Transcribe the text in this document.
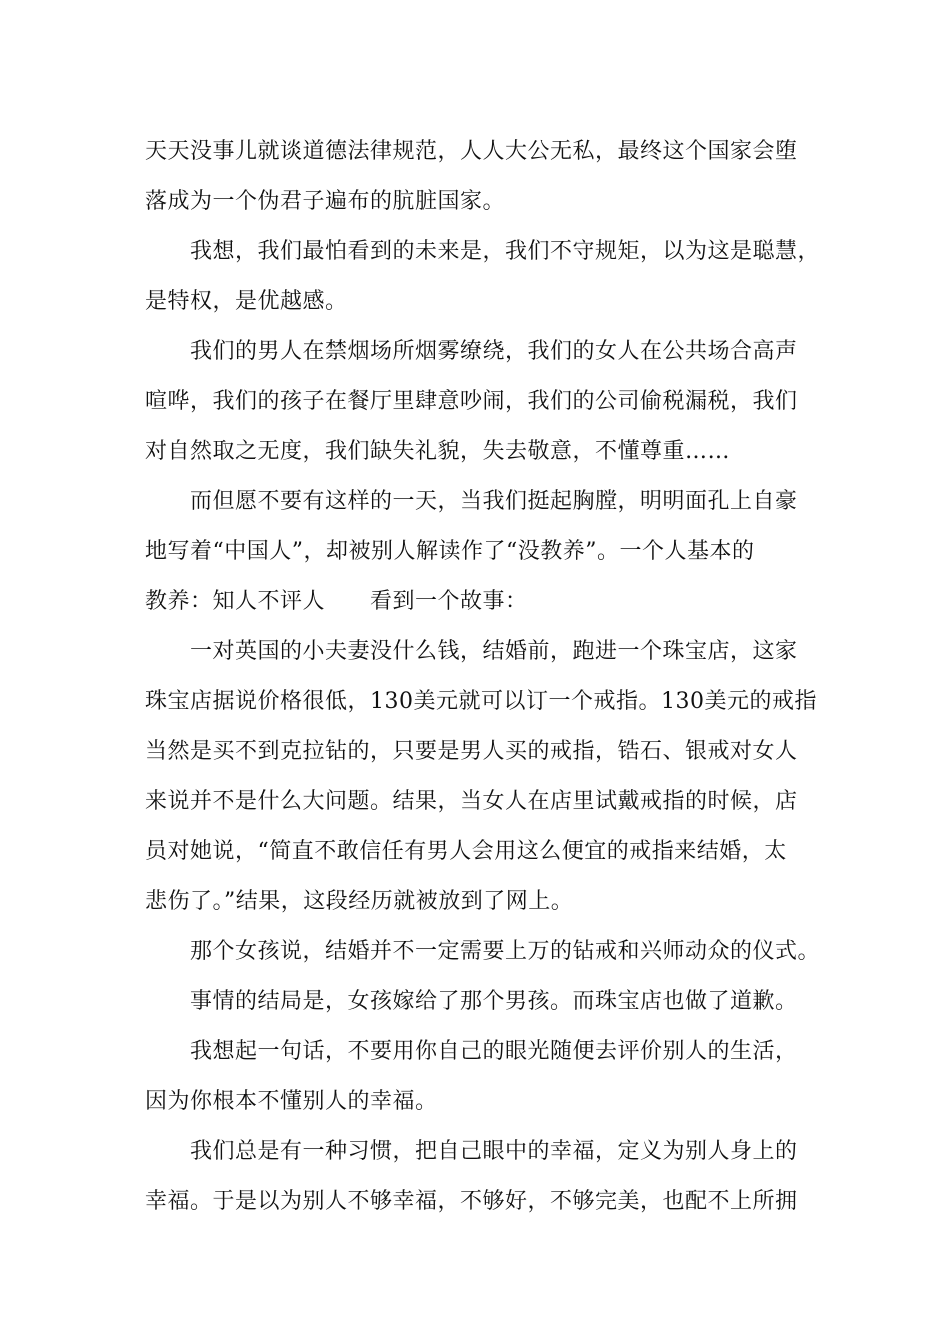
天天没事儿就谈道德法律规范，人人大公无私，最终这个国家会堕
落成为一个伪君子遍布的肮脏国家。
我想，我们最怕看到的未来是，我们不守规矩，以为这是聪慧，
是特权，是优越感。
我们的男人在禁烟场所烟雾缭绕，我们的女人在公共场合高声
喧哗，我们的孩子在餐厅里肆意吵闹，我们的公司偷税漏税，我们
对自然取之无度，我们缺失礼貌，失去敬意，不懂尊重……
而但愿不要有这样的一天，当我们挺起胸膛，明明面孔上自豪
地写着“中国人”，却被别人解读作了“没教养”。一个人基本的
教养：知人不评人　　看到一个故事：
一对英国的小夫妻没什么钱，结婚前，跑进一个珠宝店，这家
珠宝店据说价格很低，130美元就可以订一个戒指。130美元的戒指
当然是买不到克拉钻的，只要是男人买的戒指，锆石、银戒对女人
来说并不是什么大问题。结果，当女人在店里试戴戒指的时候，店
员对她说，“简直不敢信任有男人会用这么便宜的戒指来结婚，太
悲伤了。”结果，这段经历就被放到了网上。
那个女孩说，结婚并不一定需要上万的钻戒和兴师动众的仪式。
事情的结局是，女孩嫁给了那个男孩。而珠宝店也做了道歉。
我想起一句话，不要用你自己的眼光随便去评价别人的生活，
因为你根本不懂别人的幸福。
我们总是有一种习惯，把自己眼中的幸福，定义为别人身上的
幸福。于是以为别人不够幸福，不够好，不够完美，也配不上所拥
